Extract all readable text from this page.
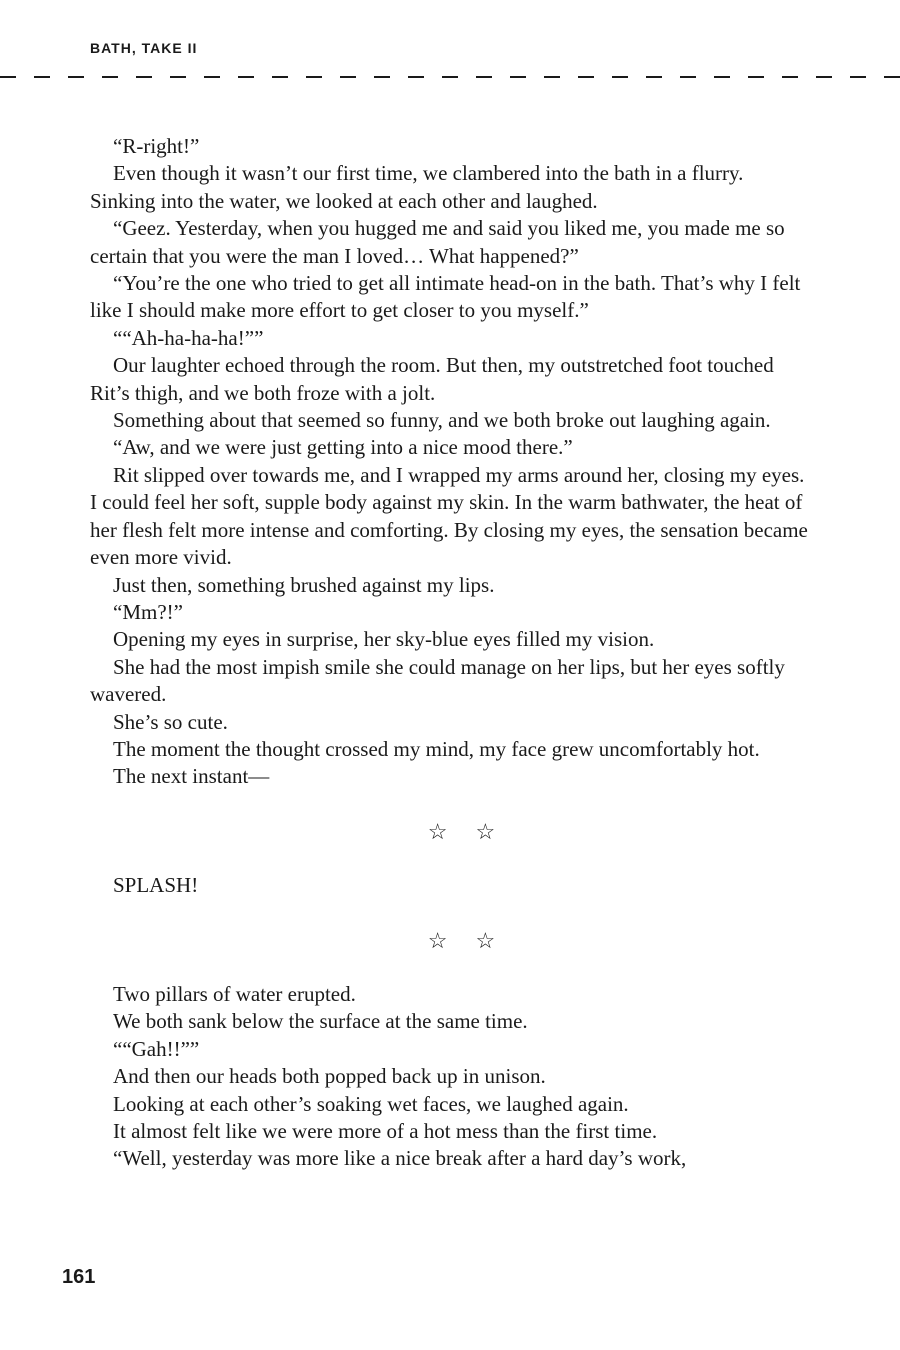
BATH, TAKE II

“R-right!”

Even though it wasn’t our first time, we clambered into the bath in a flurry. Sinking into the water, we looked at each other and laughed.

“Geez. Yesterday, when you hugged me and said you liked me, you made me so certain that you were the man I loved… What happened?”

“You’re the one who tried to get all intimate head-on in the bath. That’s why I felt like I should make more effort to get closer to you myself.”

““Ah-ha-ha-ha!””

Our laughter echoed through the room. But then, my outstretched foot touched Rit’s thigh, and we both froze with a jolt.

Something about that seemed so funny, and we both broke out laughing again.

“Aw, and we were just getting into a nice mood there.”

Rit slipped over towards me, and I wrapped my arms around her, closing my eyes. I could feel her soft, supple body against my skin. In the warm bathwater, the heat of her flesh felt more intense and comforting. By closing my eyes, the sensation became even more vivid.

Just then, something brushed against my lips.

“Mm?!”

Opening my eyes in surprise, her sky-blue eyes filled my vision.

She had the most impish smile she could manage on her lips, but her eyes softly wavered.

She’s so cute.

The moment the thought crossed my mind, my face grew uncomfortably hot.

The next instant—

☆ ☆

SPLASH!

☆ ☆

Two pillars of water erupted.

We both sank below the surface at the same time.

““Gah!!””

And then our heads both popped back up in unison.

Looking at each other’s soaking wet faces, we laughed again.

It almost felt like we were more of a hot mess than the first time.

“Well, yesterday was more like a nice break after a hard day’s work,

161
